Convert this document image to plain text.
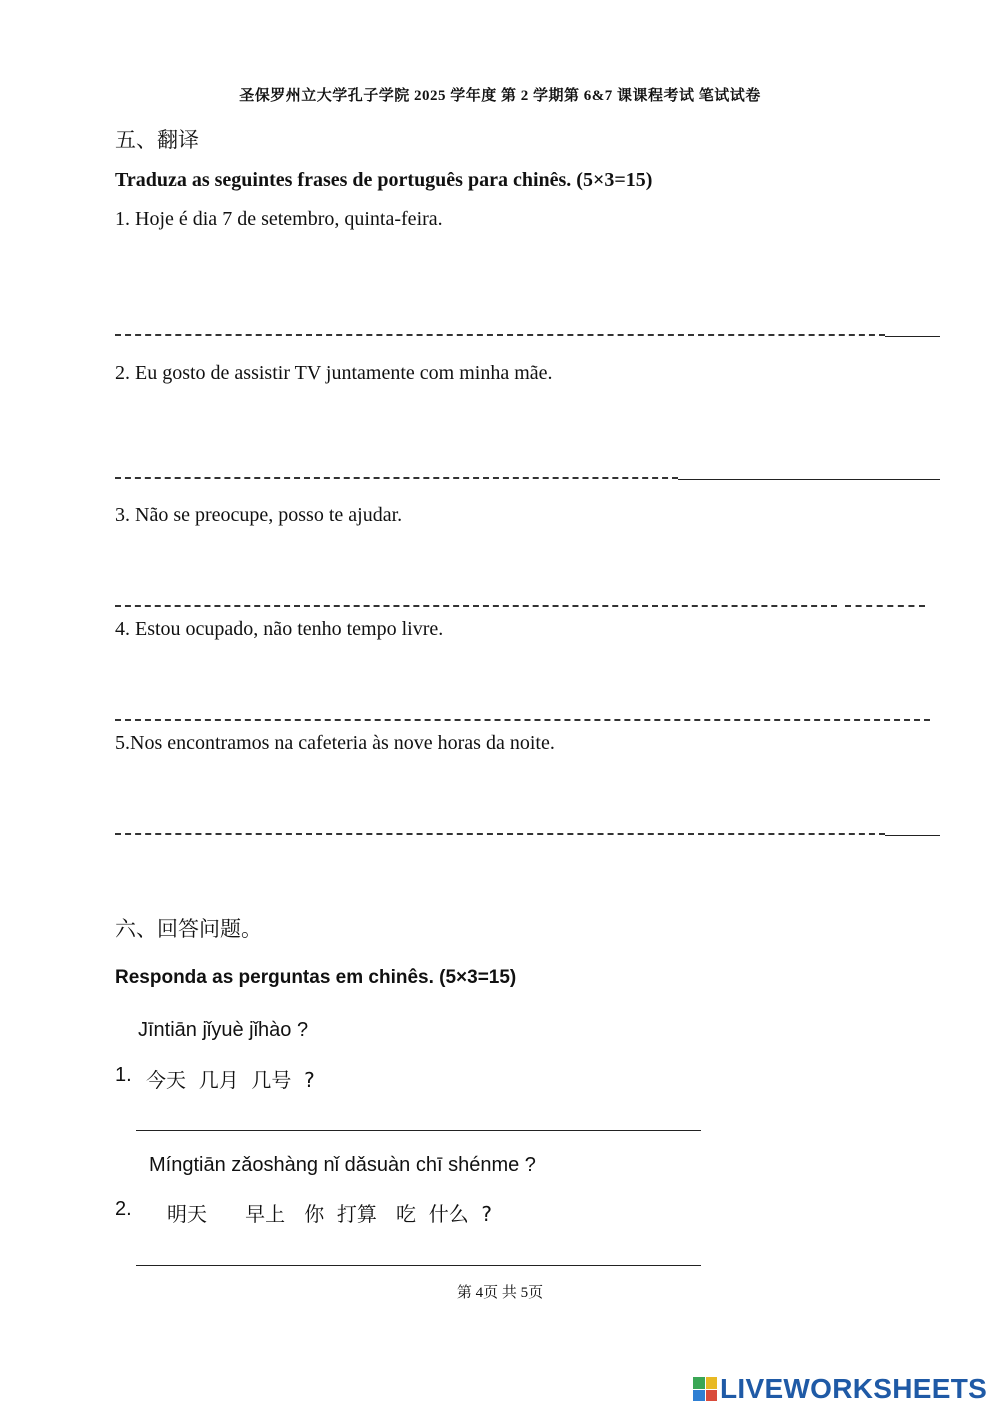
圣保罗州立大学孔子学院 2025 学年度 第 2 学期第 6&7 课课程考试 笔试试卷
五、翻译
Traduza as seguintes frases de português para chinês. (5×3=15)
1. Hoje é dia 7 de setembro, quinta-feira.
2. Eu gosto de assistir TV juntamente com minha mãe.
3. Não se preocupe, posso te ajudar.
4. Estou ocupado, não tenho tempo livre.
5.Nos encontramos na cafeteria às nove horas da noite.
六、回答问题。
Responda as perguntas em chinês. (5×3=15)
Jīntiān jǐyuè jǐhào ?
1. 今天  几月  几号  ?
Míngtiān zǎoshàng nǐ dǎsuàn chī shénme ?
2. 明天      早上   你  打算   吃  什么  ?
第 4页 共 5页
LIVEWORKSHEETS
